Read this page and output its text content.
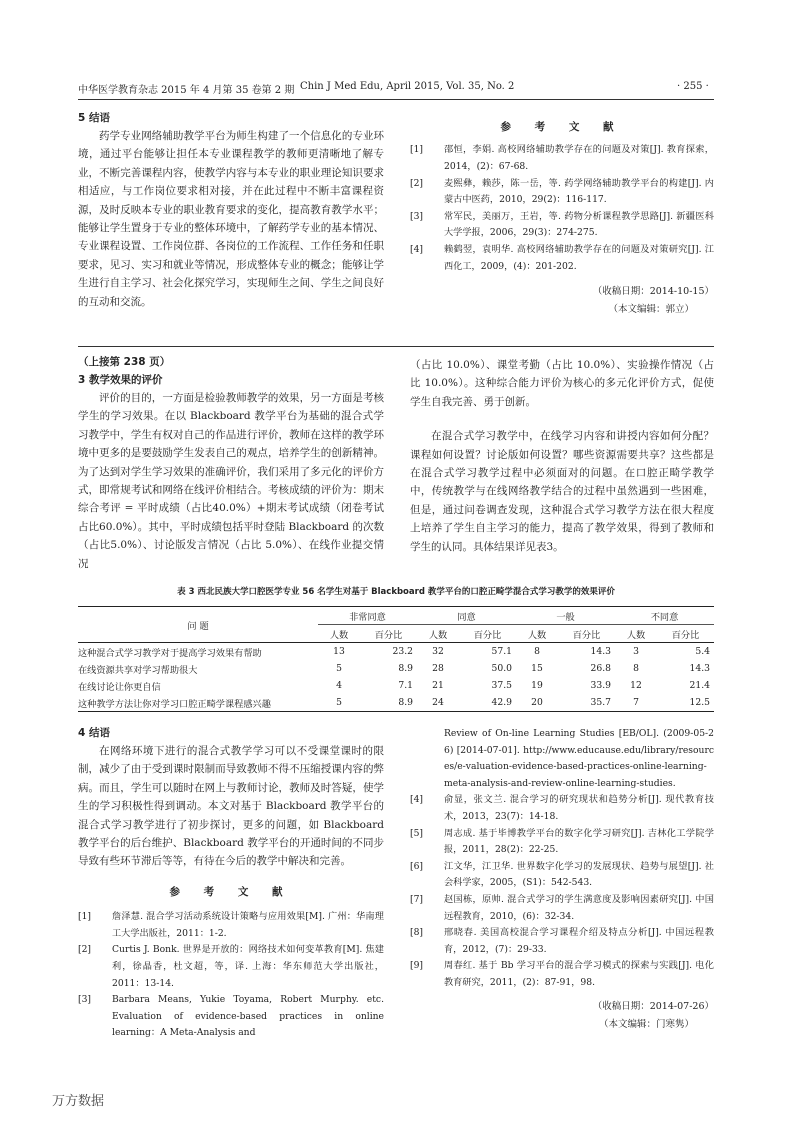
中华医学教育杂志 2015 年 4 月第 35 卷第 2 期 Chin J Med Edu, April 2015, Vol. 35, No. 2	· 255 ·
5 结语

药学专业网络辅助教学平台为师生构建了一个信息化的专业环境，通过平台能够让担任本专业课程教学的教师更清晰地了解专业，不断完善课程内容，使教学内容与本专业的职业理论知识要求相适应，与工作岗位要求相对接，并在此过程中不断丰富课程资源，及时反映本专业的职业教育要求的变化，提高教育教学水平；能够让学生置身于专业的整体环境中，了解药学专业的基本情况、专业课程设置、工作岗位群、各岗位的工作流程、工作任务和任职要求，见习、实习和就业等情况，形成整体专业的概念；能够让学生进行自主学习、社会化探究学习，实现师生之间、学生之间良好的互动和交流。

参 考 文 献
[1] 邵恒，李娟. 高校网络辅助教学存在的问题及对策[J]. 教育探索，2014，(2)：67-68.
[2] 麦熙彝，赖莎，陈一岳，等. 药学网络辅助教学平台的构建[J]. 内蒙古中医药，2010，29(2)：116-117.
[3] 常军民，美丽万，王岩，等. 药物分析课程教学思路[J]. 新疆医科大学学报，2006，29(3)：274-275.
[4] 赖鹤翌，袁明华. 高校网络辅助教学存在的问题及对策研究[J]. 江西化工，2009，(4)：201-202.
（收稿日期：2014-10-15）
（本文编辑：郭立）
（上接第 238 页）
3 教学效果的评价

评价的目的，一方面是检验教师教学的效果，另一方面是考核学生的学习效果。在以 Blackboard 教学平台为基础的混合式学习教学中，学生有权对自己的作品进行评价，教师在这样的教学环境中更多的是要鼓励学生发表自己的观点，培养学生的创新精神。为了达到对学生学习效果的准确评价，我们采用了多元化的评价方式，即常规考试和网络在线评价相结合。考核成绩的评价为：期末综合考评 = 平时成绩（占比40.0%）+期末考试成绩（闭卷考试占比60.0%）。其中，平时成绩包括平时登陆 Blackboard 的次数（占比5.0%）、讨论版发言情况（占比 5.0%）、在线作业提交情况

（占比 10.0%）、课堂考勤（占比 10.0%）、实验操作情况（占比 10.0%）。这种综合能力评价为核心的多元化评价方式，促使学生自我完善、勇于创新。

在混合式学习教学中，在线学习内容和讲授内容如何分配？课程如何设置？讨论版如何设置？哪些资源需要共享？这些都是在混合式学习教学过程中必须面对的问题。在口腔正畸学教学中，传统教学与在线网络教学结合的过程中虽然遇到一些困难，但是，通过问卷调查发现，这种混合式学习教学方法在很大程度上培养了学生自主学习的能力，提高了教学效果，得到了教师和学生的认同。具体结果详见表3。

表 3 西北民族大学口腔医学专业 56 名学生对基于 Blackboard 教学平台的口腔正畸学混合式学习教学的效果评价
问 题	非常同意		同意		一般		不同意	
	人数	百分比	人数	百分比	人数	百分比	人数	百分比
这种混合式学习教学对于提高学习效果有帮助	13	23.2	32	57.1	8	14.3	3	5.4
在线资源共享对学习帮助很大	5	8.9	28	50.0	15	26.8	8	14.3
在线讨论让你更自信	4	7.1	21	37.5	19	33.9	12	21.4
这种教学方法让你对学习口腔正畸学课程感兴趣	5	8.9	24	42.9	20	35.7	7	12.5
4 结语

在网络环境下进行的混合式教学学习可以不受课堂课时的限制，减少了由于受到课时限制而导致教师不得不压缩授课内容的弊病。而且，学生可以随时在网上与教师讨论，教师及时答疑，使学生的学习积极性得到调动。本文对基于 Blackboard 教学平台的混合式学习教学进行了初步探讨，更多的问题，如 Blackboard 教学平台的后台维护、Blackboard 教学平台的开通时间的不同步导致有些环节滞后等等，有待在今后的教学中解决和完善。

参 考 文 献
[1] 詹泽慧. 混合学习活动系统设计策略与应用效果[M]. 广州：华南理工大学出版社，2011：1-2.
[2] Curtis J. Bonk. 世界是开放的：网络技术如何变革教育[M]. 焦建利，徐晶香，杜文超，等，译. 上海：华东师范大学出版社，2011：13-14.
[3] Barbara Means, Yukie Toyama, Robert Murphy. etc. Evaluation of evidence-based practices in online learning：A Meta-Analysis and
Review of On-line Learning Studies [EB/OL]. (2009-05-26) [2014-07-01]. http://www.educause.edu/library/resources/e-valuation-evidence-based-practices-online-learning-meta-analysis-and-review-online-learning-studies.
[4] 俞显，张文兰. 混合学习的研究现状和趋势分析[J]. 现代教育技术，2013，23(7)：14-18.
[5] 周志成. 基于毕博教学平台的数字化学习研究[J]. 吉林化工学院学报，2011，28(2)：22-25.
[6] 江文华，江卫华. 世界数字化学习的发展现状、趋势与展望[J]. 社会科学家，2005，(S1)：542-543.
[7] 赵国栋，原帅. 混合式学习的学生满意度及影响因素研究[J]. 中国远程教育，2010，(6)：32-34.
[8] 邢晓春. 美国高校混合学习课程介绍及特点分析[J]. 中国远程教育，2012，(7)：29-33.
[9] 周春红. 基于 Bb 学习平台的混合学习模式的探索与实践[J]. 电化教育研究，2011，(2)：87-91，98.
（收稿日期：2014-07-26）
（本文编辑：门寒隽）
万方数据
